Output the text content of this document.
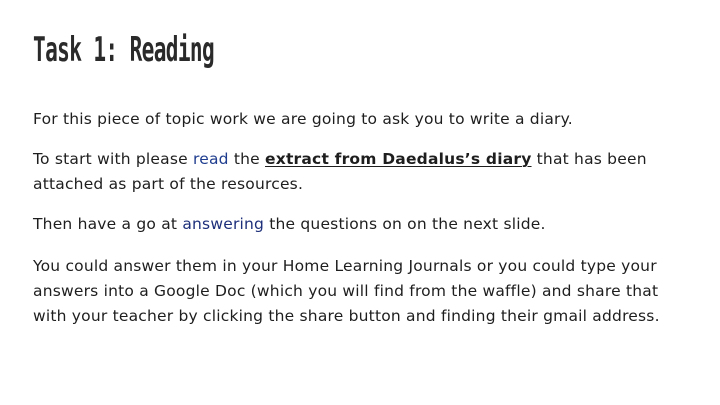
Task 1: Reading
For this piece of topic work we are going to ask you to write a diary.
To start with please read the extract from Daedalus’s diary that has been attached as part of the resources.
Then have a go at answering the questions on on the next slide.
You could answer them in your Home Learning Journals or you could type your answers into a Google Doc (which you will find from the waffle) and share that with your teacher by clicking the share button and finding their gmail address.
